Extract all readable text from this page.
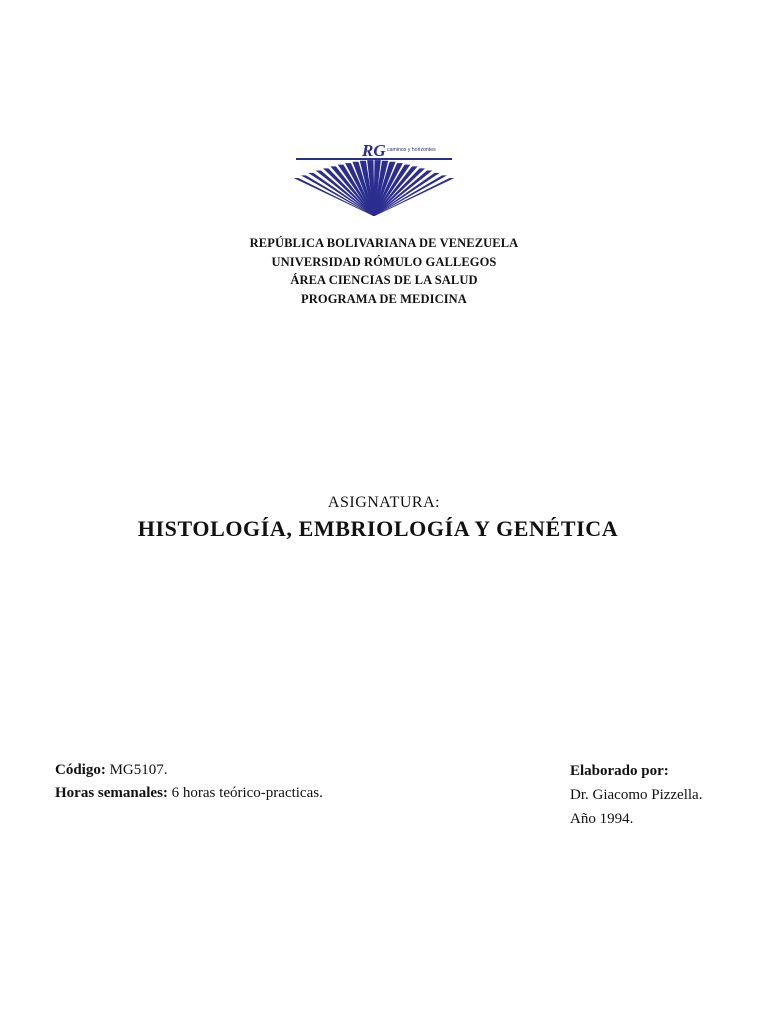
RG caminos y horizontes
REPÚBLICA BOLIVARIANA DE VENEZUELA
UNIVERSIDAD RÓMULO GALLEGOS
ÁREA CIENCIAS DE LA SALUD
PROGRAMA DE MEDICINA
ASIGNATURA:
HISTOLOGÍA, EMBRIOLOGÍA Y GENÉTICA
Código: MG5107.
Horas semanales: 6 horas teórico-practicas.
Elaborado por:
Dr. Giacomo Pizzella.
Año 1994.
